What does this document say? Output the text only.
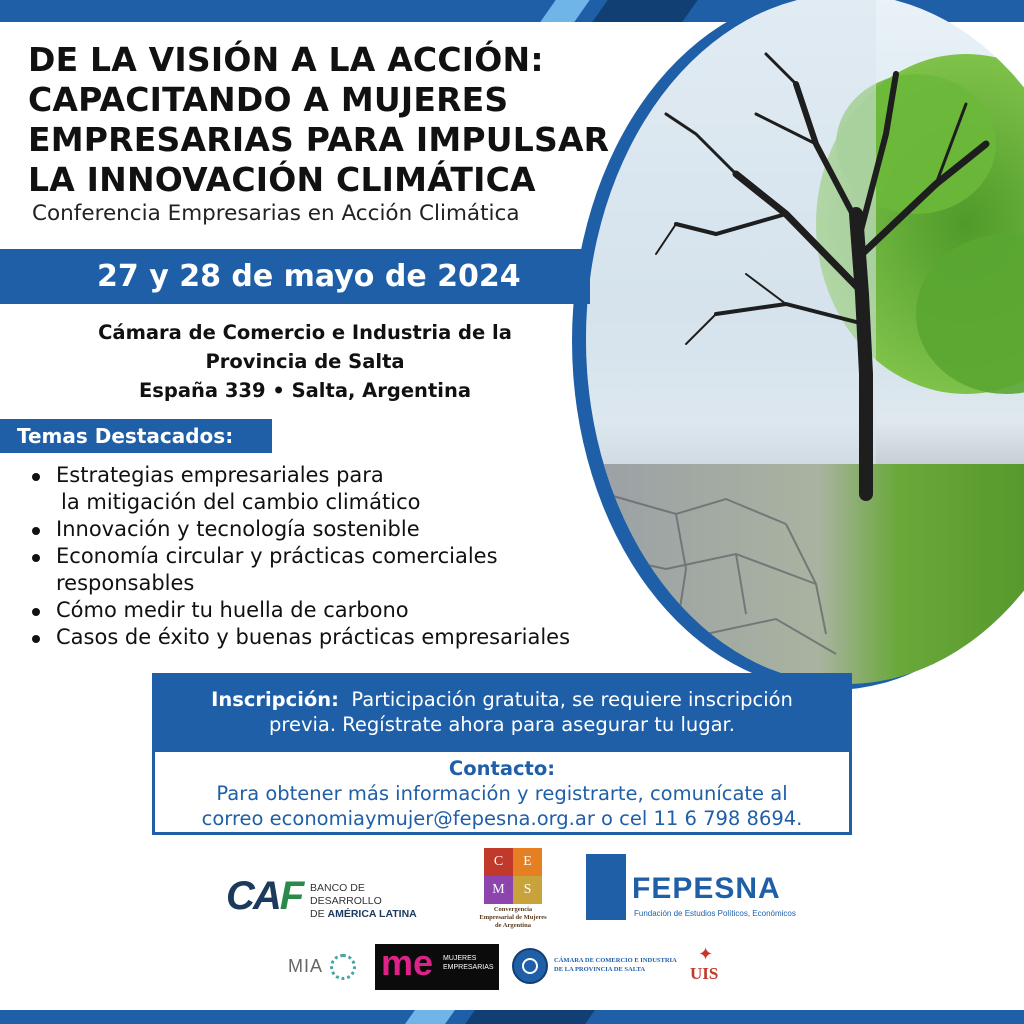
DE LA VISIÓN A LA ACCIÓN:
CAPACITANDO A MUJERES
EMPRESARIAS PARA IMPULSAR
LA INNOVACIÓN CLIMÁTICA
Conferencia Empresarias en Acción Climática
27 y 28 de mayo de 2024
Cámara de Comercio e Industria de la
Provincia de Salta
España 339 • Salta, Argentina
Temas Destacados:
Estrategias empresariales para
la mitigación del cambio climático
Innovación y tecnología sostenible
Economía circular y prácticas comerciales
responsables
Cómo medir tu huella de carbono
Casos de éxito y buenas prácticas empresariales
Inscripción: Participación gratuita, se requiere inscripción
previa. Regístrate ahora para asegurar tu lugar.
Contacto:
Para obtener más información y registrarte, comunícate al
correo economiaymujer@fepesna.org.ar o cel 11 6 798 8694.
CAF BANCO DE DESARROLLO
DE AMÉRICA LATINA
C	E
M	S
Convergencia
Empresarial de Mujeres
de Argentina
FEPESNA
Fundación de Estudios Políticos, Económicos
MIA me MUJERES
EMPRESARIAS
CÁMARA DE COMERCIO E INDUSTRIA
DE LA PROVINCIA DE SALTA
✦
UIS
